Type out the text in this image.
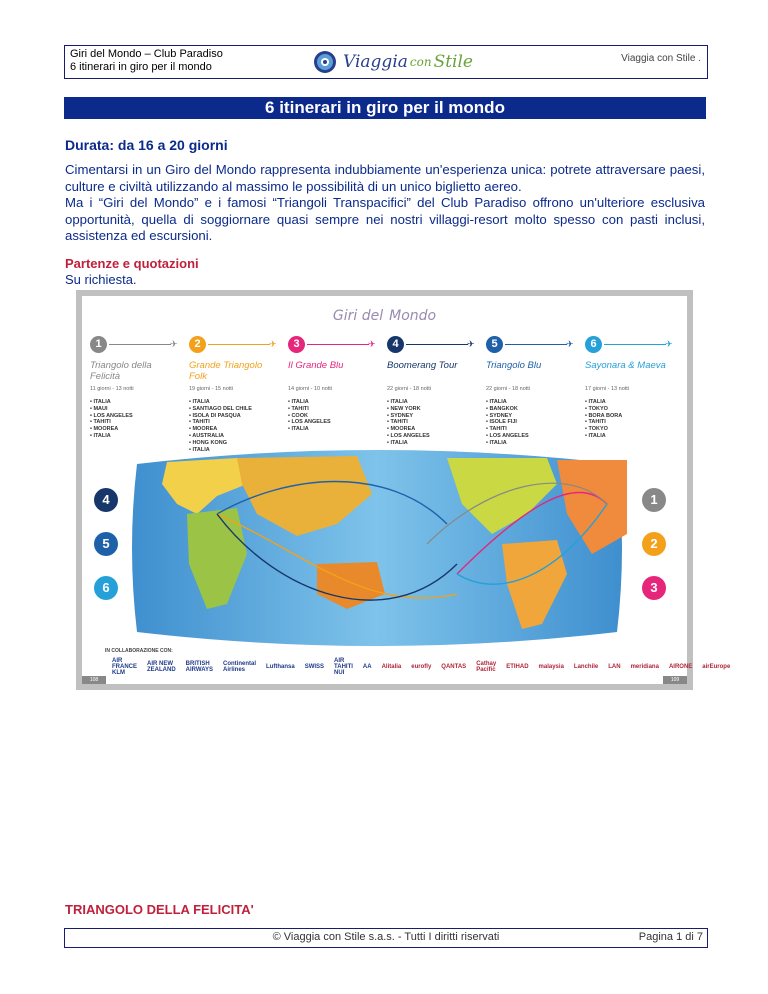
Giri del Mondo – Club Paradiso
6 itinerari in giro per il mondo	Viaggia con Stile	Viaggia con Stile .
6 itinerari in giro per il mondo
Durata: da 16 a 20 giorni

Cimentarsi in un Giro del Mondo rappresenta indubbiamente un'esperienza unica: potrete attraversare paesi, culture e civiltà utilizzando al massimo le possibilità di un unico biglietto aereo.

Ma i “Giri del Mondo” e i famosi “Triangoli Transpacifici” del Club Paradiso offrono un'ulteriore esclusiva opportunità, quella di soggiornare quasi sempre nei nostri villaggi-resort molto spesso con pasti inclusi, assistenza ed escursioni.

Partenze e quotazioni
Su richiesta.
Giri del Mondo
1	✈
Triangolo della Felicità
11 giorni - 13 notti
• ITALIA
• MAUI
• LOS ANGELES
• TAHITI
• MOOREA
• ITALIA
2	✈
Grande Triangolo Folk
19 giorni - 15 notti
• ITALIA
• SANTIAGO DEL CHILE
• ISOLA DI PASQUA
• TAHITI
• MOOREA
• AUSTRALIA
• HONG KONG
• ITALIA
3	✈
Il Grande Blu
14 giorni - 10 notti
• ITALIA
• TAHITI
• COOK
• LOS ANGELES
• ITALIA
4	✈
Boomerang Tour
22 giorni - 18 notti
• ITALIA
• NEW YORK
• SYDNEY
• TAHITI
• MOOREA
• LOS ANGELES
• ITALIA
5	✈
Triangolo Blu
22 giorni - 18 notti
• ITALIA
• BANGKOK
• SYDNEY
• ISOLE FIJI
• TAHITI
• LOS ANGELES
• ITALIA
6	✈
Sayonara & Maeva
17 giorni - 13 notti
• ITALIA
• TOKYO
• BORA BORA
• TAHITI
• TOKYO
• ITALIA
4
5
6
1
2
3
IN COLLABORAZIONE CON:
AIR FRANCE KLM
AIR NEW ZEALAND
BRITISH AIRWAYS
Continental Airlines	Lufthansa SWISS
AIR TAHITI NUI
AA Alitalia eurofly QANTAS Cathay Pacific ETIHAD malaysia Lanchile LAN meridiana AIRONE airEurope
108	109
TRIANGOLO DELLA FELICITA'
© Viaggia con Stile s.a.s. - Tutti I diritti riservati	Pagina 1 di 7
